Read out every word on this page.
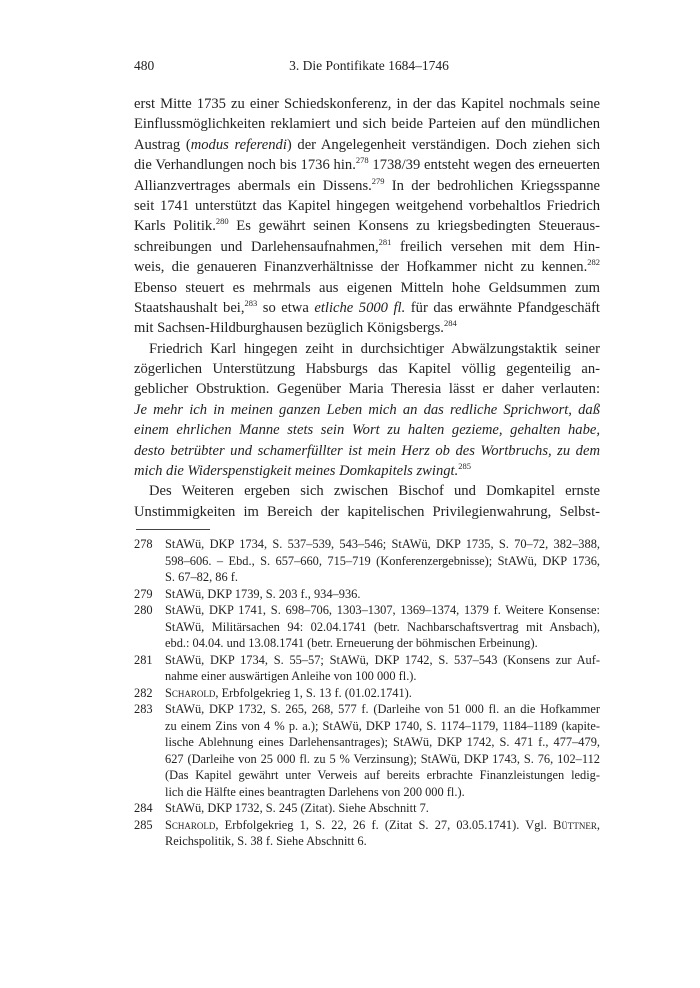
480	3. Die Pontifikate 1684–1746
erst Mitte 1735 zu einer Schiedskonferenz, in der das Kapitel nochmals seine
Einflussmöglichkeiten reklamiert und sich beide Parteien auf den mündlichen
Austrag (modus referendi) der Angelegenheit verständigen. Doch ziehen sich
die Verhandlungen noch bis 1736 hin.$^{278}$ 1738/39 entsteht wegen des erneuerten
Allianzvertrages abermals ein Dissens.$^{279}$ In der bedrohlichen Kriegsspanne
seit 1741 unterstützt das Kapitel hingegen weitgehend vorbehaltlos Friedrich
Karls Politik.$^{280}$ Es gewährt seinen Konsens zu kriegsbedingten Steueraus-
schreibungen und Darlehensaufnahmen,$^{281}$ freilich versehen mit dem Hin-
weis, die genaueren Finanzverhältnisse der Hofkammer nicht zu kennen.$^{282}$
Ebenso steuert es mehrmals aus eigenen Mitteln hohe Geldsummen zum
Staatshaushalt bei,$^{283}$ so etwa etliche 5000 fl. für das erwähnte Pfandgeschäft
mit Sachsen-Hildburghausen bezüglich Königsbergs.$^{284}$
Friedrich Karl hingegen zeiht in durchsichtiger Abwälzungstaktik seiner
zögerlichen Unterstützung Habsburgs das Kapitel völlig gegenteilig an-
geblicher Obstruktion. Gegenüber Maria Theresia lässt er daher verlauten:
Je mehr ich in meinen ganzen Leben mich an das redliche Sprichwort, daß
einem ehrlichen Manne stets sein Wort zu halten gezieme, gehalten habe,
desto betrübter und schamerfüllter ist mein Herz ob des Wortbruchs, zu dem
mich die Widerspenstigkeit meines Domkapitels zwingt.$^{285}$
Des Weiteren ergeben sich zwischen Bischof und Domkapitel ernste
Unstimmigkeiten im Bereich der kapitelischen Privilegienwahrung, Selbst-
278	StAWü, DKP 1734, S. 537–539, 543–546; StAWü, DKP 1735, S. 70–72, 382–388,
598–606. – Ebd., S. 657–660, 715–719 (Konferenzergebnisse); StAWü, DKP 1736,
S. 67–82, 86 f.
279	StAWü, DKP 1739, S. 203 f., 934–936.
280	StAWü, DKP 1741, S. 698–706, 1303–1307, 1369–1374, 1379 f. Weitere Konsense:
StAWü, Militärsachen 94: 02.04.1741 (betr. Nachbarschaftsvertrag mit Ansbach),
ebd.: 04.04. und 13.08.1741 (betr. Erneuerung der böhmischen Erbeinung).
281	StAWü, DKP 1734, S. 55–57; StAWü, DKP 1742, S. 537–543 (Konsens zur Auf-
nahme einer auswärtigen Anleihe von 100 000 fl.).
282	Scharold, Erbfolgekrieg 1, S. 13 f. (01.02.1741).
283	StAWü, DKP 1732, S. 265, 268, 577 f. (Darleihe von 51 000 fl. an die Hofkammer
zu einem Zins von 4 % p. a.); StAWü, DKP 1740, S. 1174–1179, 1184–1189 (kapite-
lische Ablehnung eines Darlehensantrages); StAWü, DKP 1742, S. 471 f., 477–479,
627 (Darleihe von 25 000 fl. zu 5 % Verzinsung); StAWü, DKP 1743, S. 76, 102–112
(Das Kapitel gewährt unter Verweis auf bereits erbrachte Finanzleistungen ledig-
lich die Hälfte eines beantragten Darlehens von 200 000 fl.).
284	StAWü, DKP 1732, S. 245 (Zitat). Siehe Abschnitt 7.
285	Scharold, Erbfolgekrieg 1, S. 22, 26 f. (Zitat S. 27, 03.05.1741). Vgl. Büttner,
Reichspolitik, S. 38 f. Siehe Abschnitt 6.
